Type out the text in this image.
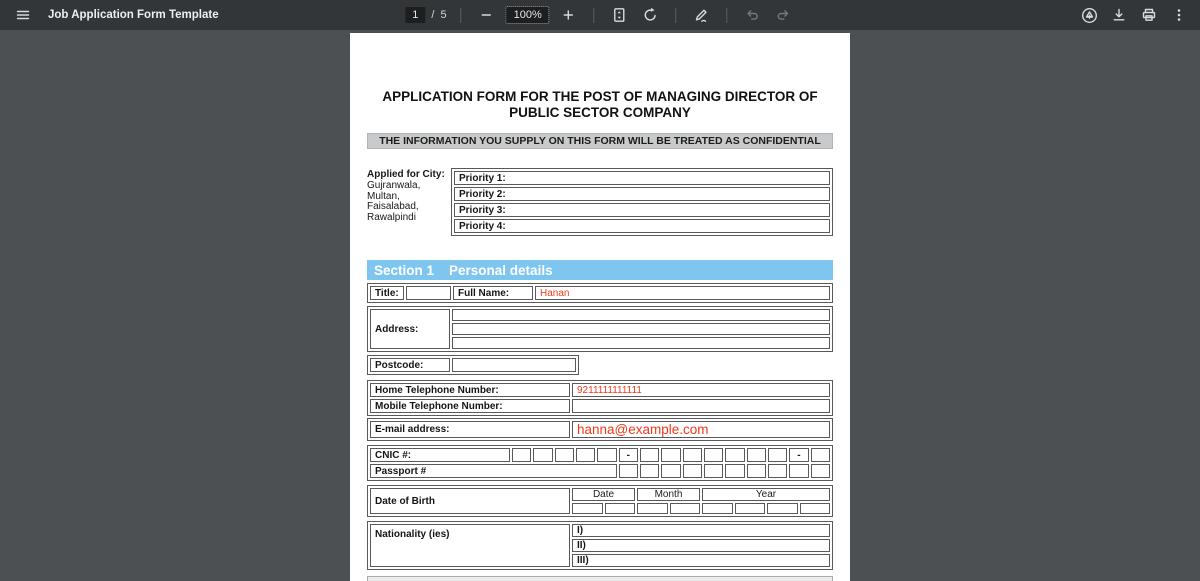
Job Application Form Template	1	/ 5	100%
APPLICATION FORM FOR THE POST OF MANAGING DIRECTOR OF PUBLIC SECTOR COMPANY
THE INFORMATION YOU SUPPLY ON THIS FORM WILL BE TREATED AS CONFIDENTIAL
Applied for City:
Gujranwala,
Multan,
Faisalabad,
Rawalpindi
Priority 1:
Priority 2:
Priority 3:
Priority 4:
Section 1 Personal details
Title:		Full Name:	Hanan
Address:	

Postcode:	
Home Telephone Number:	9211111111111
Mobile Telephone Number:	
E-mail address:	hanna@example.com
CNIC #:						-								-	
Passport #															
Date of Birth	Date		Month		Year			

Nationality (ies)	I)
II)
III)
